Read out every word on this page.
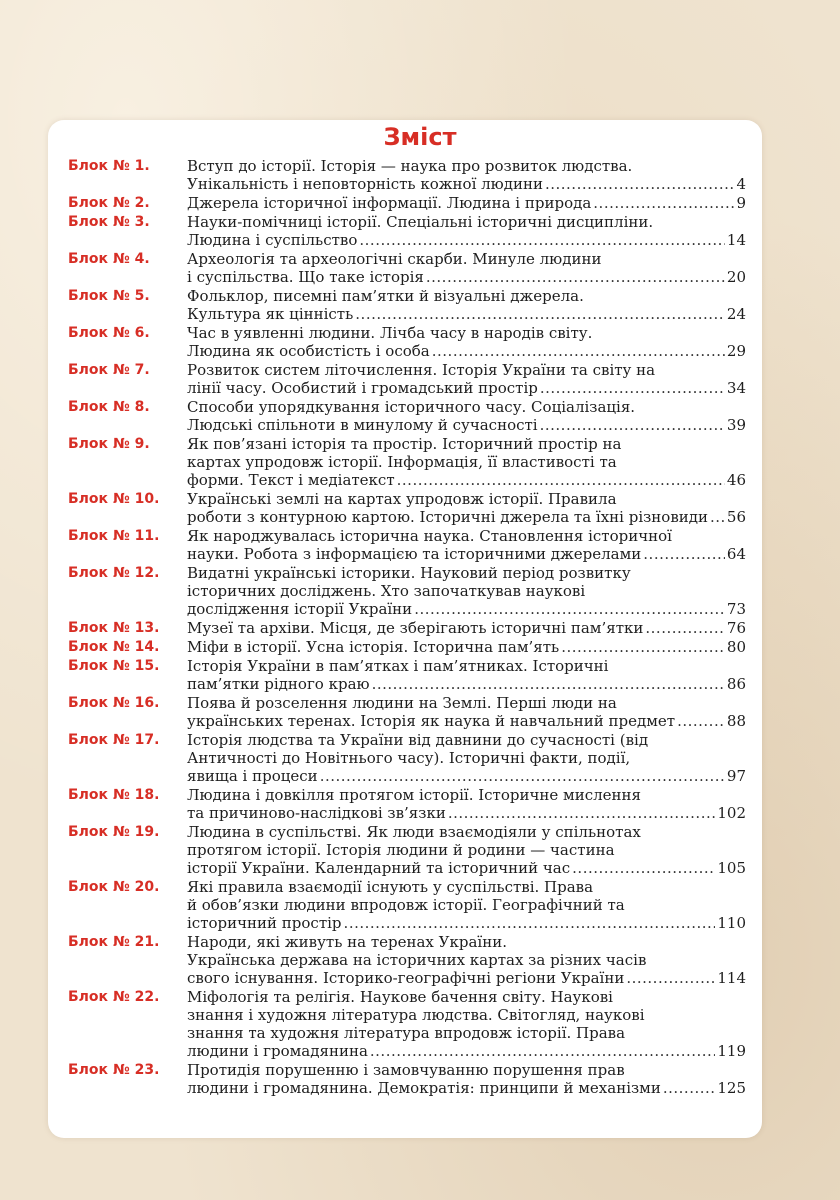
Зміст
Блок № 1. Вступ до історії. Історія — наука про розвиток людства.
Унікальність і неповторність кожної людини .....	4
Блок № 2. Джерела історичної інформації. Людина і природа .....	9
Блок № 3. Науки-помічниці історії. Спеціальні історичні дисципліни.
Людина і суспільство .....	14
Блок № 4. Археологія та археологічні скарби. Минуле людини
і суспільства. Що таке історія .....	20
Блок № 5. Фольклор, писемні пам’ятки й візуальні джерела.
Культура як цінність .....	24
Блок № 6. Час в уявленні людини. Лічба часу в народів світу.
Людина як особистість і особа .....	29
Блок № 7. Розвиток систем літочислення. Історія України та світу на
лінії часу. Особистий і громадський простір .....	34
Блок № 8. Способи упорядкування історичного часу. Соціалізація.
Людські спільноти в минулому й сучасності .....	39
Блок № 9. Як пов’язані історія та простір. Історичний простір на
картах упродовж історії. Інформація, її властивості та
форми. Текст і медіатекст .....	46
Блок № 10. Українські землі на картах упродовж історії. Правила
роботи з контурною картою. Історичні джерела та їхні різновиди ..... 56
Блок № 11. Як народжувалась історична наука. Становлення історичної
науки. Робота з інформацією та історичними джерелами .....	64
Блок № 12. Видатні українські історики. Науковий період розвитку
історичних досліджень. Хто започаткував наукові
дослідження історії України .....	73
Блок № 13. Музеї та архіви. Місця, де зберігають історичні пам’ятки .....	76
Блок № 14. Міфи в історії. Усна історія. Історична пам’ять .....	80
Блок № 15. Історія України в пам’ятках і пам’ятниках. Історичні
пам’ятки рідного краю .....	86
Блок № 16. Поява й розселення людини на Землі. Перші люди на
українських теренах. Історія як наука й навчальний предмет .....	88
Блок № 17. Історія людства та України від давнини до сучасності (від
Античності до Новітнього часу). Історичні факти, події,
явища і процеси .....	97
Блок № 18. Людина і довкілля протягом історії. Історичне мислення
та причиново-наслідкові зв’язки .....	102
Блок № 19. Людина в суспільстві. Як люди взаємодіяли у спільнотах
протягом історії. Історія людини й родини — частина
історії України. Календарний та історичний час .....	105
Блок № 20. Які правила взаємодії існують у суспільстві. Права
й обов’язки людини впродовж історії. Географічний та
історичний простір .....	110
Блок № 21. Народи, які живуть на теренах України.
Українська держава на історичних картах за різних часів
свого існування. Історико-географічні регіони України .....	114
Блок № 22. Міфологія та релігія. Наукове бачення світу. Наукові
знання і художня література людства. Світогляд, наукові
знання та художня література впродовж історії. Права
людини і громадянина .....	119
Блок № 23. Протидія порушенню і замовчуванню порушення прав
людини і громадянина. Демократія: принципи й механізми .....	125
